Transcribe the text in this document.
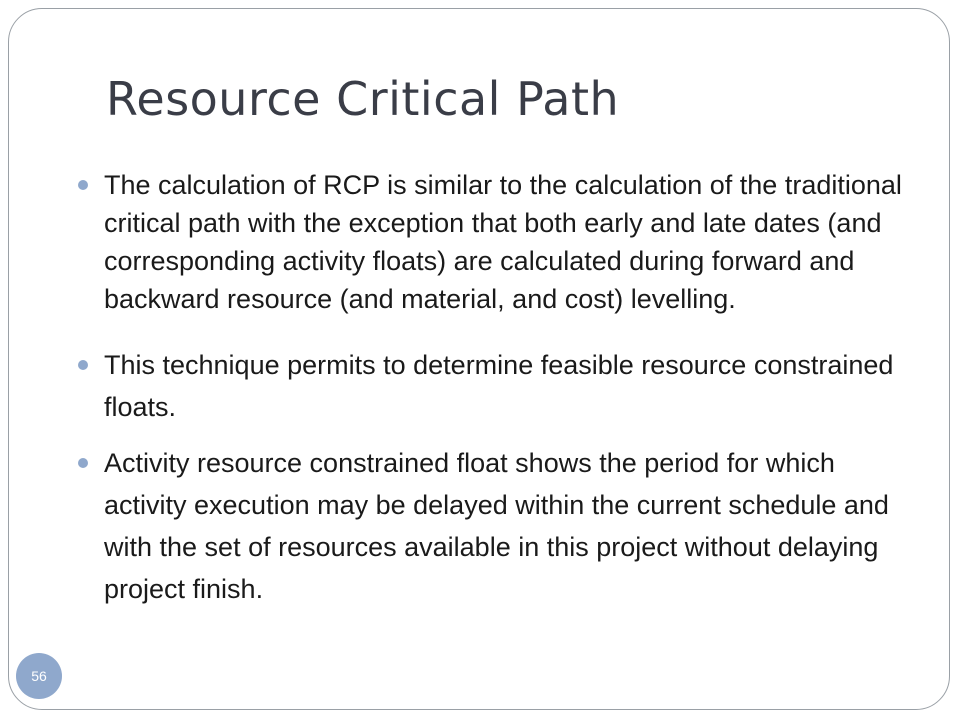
Resource Critical Path
The calculation of RCP is similar to the calculation of the traditional critical path with the exception that both early and late dates (and corresponding activity floats) are calculated during forward and backward resource (and material, and cost) levelling.
This technique permits to determine feasible resource constrained floats.
Activity resource constrained float shows the period for which activity execution may be delayed within the current schedule and with the set of resources available in this project without delaying project finish.
56
